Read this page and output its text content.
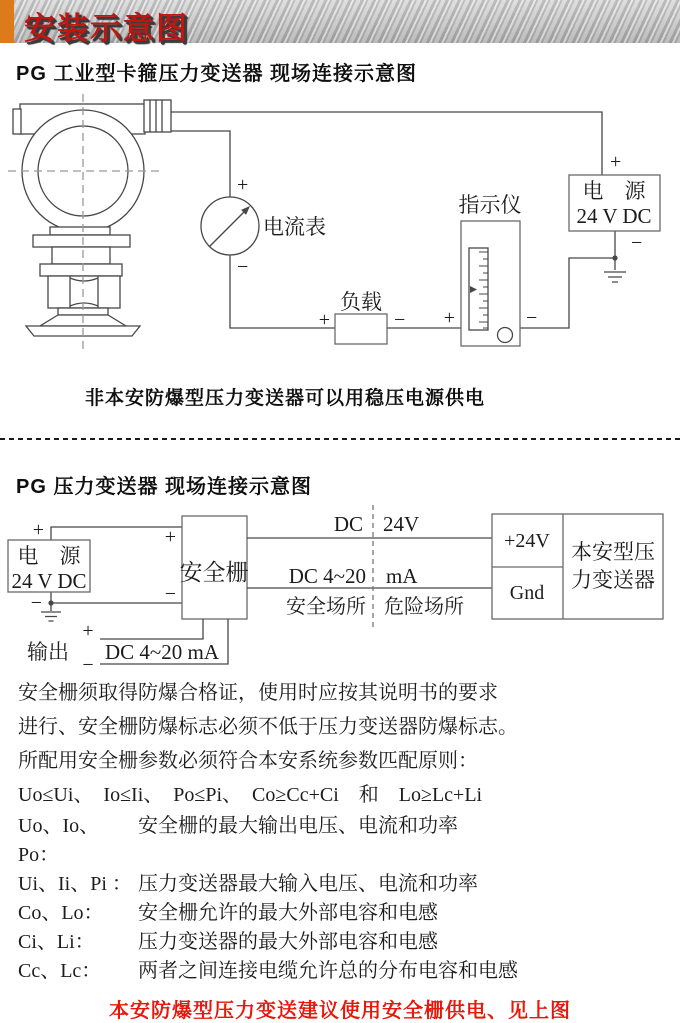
安装示意图
PG 工业型卡箍压力变送器 现场连接示意图
+
−
电　源
24 V DC
+
−
电流表
负载
+	−
指示仪
+	−
非本安防爆型压力变送器可以用稳压电源供电
PG 压力变送器 现场连接示意图
+
−
电　源
24 V DC	安全栅
+
−
DC 24V
DC 4~20 mA
安全场所 危险场所
+24V
Gnd
本安型压
力变送器
+
−
输出 DC 4~20 mA

安全栅须取得防爆合格证，使用时应按其说明书的要求

进行、安全栅防爆标志必须不低于压力变送器防爆标志。

所配用安全栅参数必须符合本安系统参数匹配原则：

Uo≤Ui、　Io≤Ii、　Po≤Pi、　Co≥Cc+Ci　和　Lo≥Lc+Li

Uo、Io、Po：
安全栅的最大输出电压、电流和功率
Ui、Ii、Pi ： 压力变送器最大输入电压、电流和功率
Co、Lo：	安全栅允许的最大外部电容和电感
Ci、Li：	压力变送器的最大外部电容和电感
Cc、Lc：	两者之间连接电缆允许总的分布电容和电感
本安防爆型压力变送建议使用安全栅供电、见上图
